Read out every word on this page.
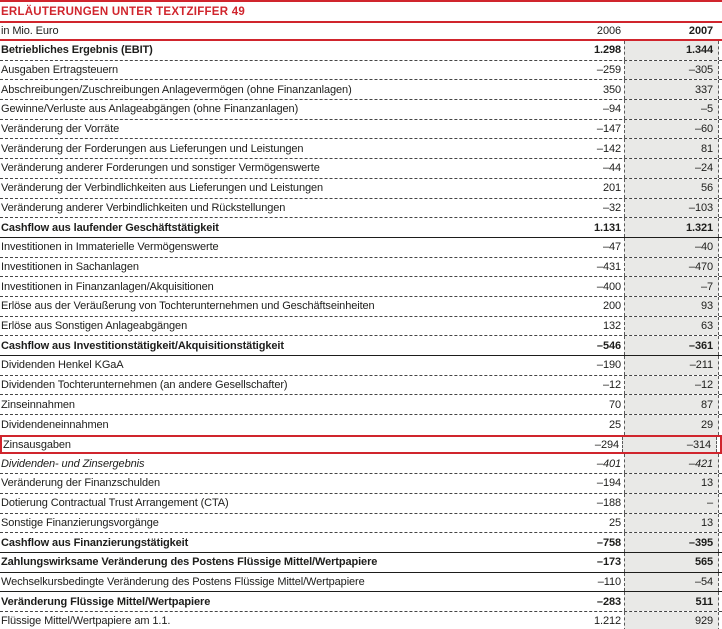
ERLÄUTERUNGEN UNTER TEXTZIFFER 49
in Mio. Euro	2006	2007
Betriebliches Ergebnis (EBIT)	1.298	1.344
Ausgaben Ertragsteuern	–259	–305
Abschreibungen/Zuschreibungen Anlagevermögen (ohne Finanzanlagen)	350	337
Gewinne/Verluste aus Anlageabgängen (ohne Finanzanlagen)	–94	–5
Veränderung der Vorräte	–147	–60
Veränderung der Forderungen aus Lieferungen und Leistungen	–142	81
Veränderung anderer Forderungen und sonstiger Vermögenswerte	–44	–24
Veränderung der Verbindlichkeiten aus Lieferungen und Leistungen	201	56
Veränderung anderer Verbindlichkeiten und Rückstellungen	–32	–103
Cashflow aus laufender Geschäftstätigkeit	1.131	1.321
Investitionen in Immaterielle Vermögenswerte	–47	–40
Investitionen in Sachanlagen	–431	–470
Investitionen in Finanzanlagen/Akquisitionen	–400	–7
Erlöse aus der Veräußerung von Tochterunternehmen und Geschäftseinheiten	200	93
Erlöse aus Sonstigen Anlageabgängen	132	63
Cashflow aus Investitionstätigkeit/Akquisitionstätigkeit	–546	–361
Dividenden Henkel KGaA	–190	–211
Dividenden Tochterunternehmen (an andere Gesellschafter)	–12	–12
Zinseinnahmen	70	87
Dividendeneinnahmen	25	29
Zinsausgaben	–294	–314
Dividenden- und Zinsergebnis	–401	–421
Veränderung der Finanzschulden	–194	13
Dotierung Contractual Trust Arrangement (CTA)	–188	–
Sonstige Finanzierungsvorgänge	25	13
Cashflow aus Finanzierungstätigkeit	–758	–395
Zahlungswirksame Veränderung des Postens Flüssige Mittel/Wertpapiere	–173	565
Wechselkursbedingte Veränderung des Postens Flüssige Mittel/Wertpapiere	–110	–54
Veränderung Flüssige Mittel/Wertpapiere	–283	511
Flüssige Mittel/Wertpapiere am 1.1.	1.212	929
